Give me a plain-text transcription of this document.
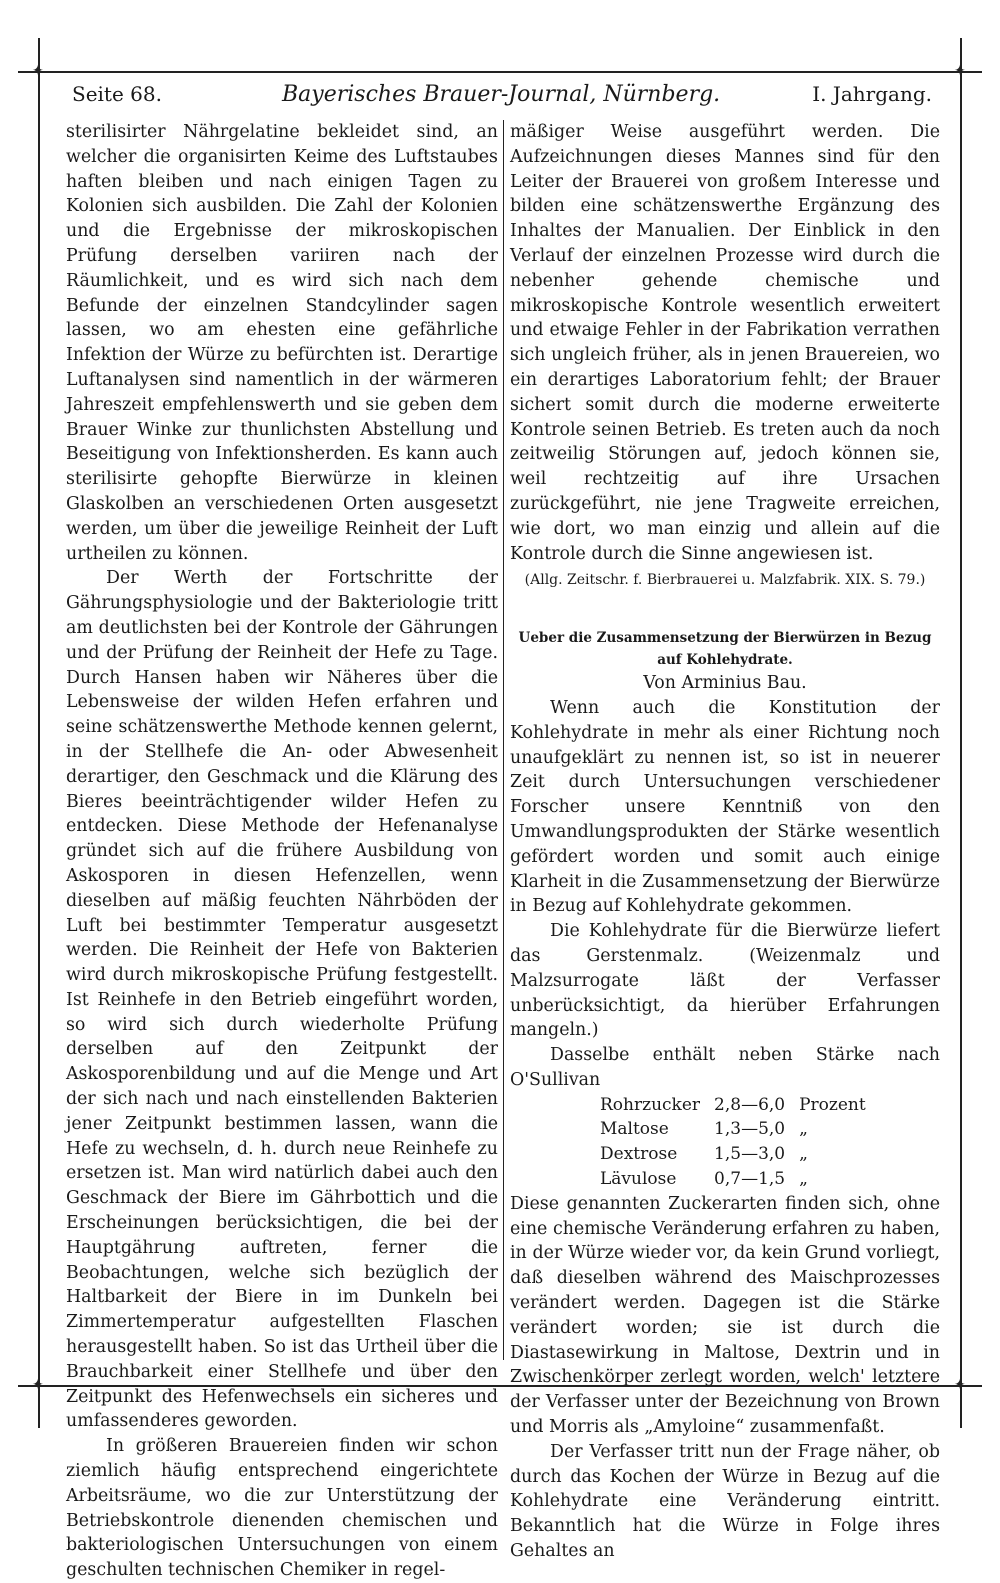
✦	✦
✦	✦
Seite 68.	Bayerisches Brauer-Journal, Nürnberg.	I. Jahrgang.

sterilisirter Nährgelatine bekleidet sind, an welcher die organisirten Keime des Luftstaubes haften bleiben und nach einigen Tagen zu Kolonien sich ausbilden. Die Zahl der Kolonien und die Ergebnisse der mikroskopischen Prüfung derselben variiren nach der Räumlichkeit, und es wird sich nach dem Befunde der einzelnen Standcylinder sagen lassen, wo am ehesten eine gefährliche Infektion der Würze zu befürchten ist. Derartige Luftanalysen sind namentlich in der wärmeren Jahreszeit empfehlenswerth und sie geben dem Brauer Winke zur thunlichsten Abstellung und Beseitigung von Infektionsherden. Es kann auch sterilisirte gehopfte Bierwürze in kleinen Glaskolben an verschiedenen Orten ausgesetzt werden, um über die jeweilige Reinheit der Luft urtheilen zu können.

Der Werth der Fortschritte der Gährungsphysiologie und der Bakteriologie tritt am deutlichsten bei der Kontrole der Gährungen und der Prüfung der Reinheit der Hefe zu Tage. Durch Hansen haben wir Näheres über die Lebensweise der wilden Hefen erfahren und seine schätzenswerthe Methode kennen gelernt, in der Stellhefe die An- oder Abwesenheit derartiger, den Geschmack und die Klärung des Bieres beeinträchtigender wilder Hefen zu entdecken. Diese Methode der Hefenanalyse gründet sich auf die frühere Ausbildung von Askosporen in diesen Hefenzellen, wenn dieselben auf mäßig feuchten Nährböden der Luft bei bestimmter Temperatur ausgesetzt werden. Die Reinheit der Hefe von Bakterien wird durch mikroskopische Prüfung festgestellt. Ist Reinhefe in den Betrieb eingeführt worden, so wird sich durch wiederholte Prüfung derselben auf den Zeitpunkt der Askosporenbildung und auf die Menge und Art der sich nach und nach einstellenden Bakterien jener Zeitpunkt bestimmen lassen, wann die Hefe zu wechseln, d. h. durch neue Reinhefe zu ersetzen ist. Man wird natürlich dabei auch den Geschmack der Biere im Gährbottich und die Erscheinungen berücksichtigen, die bei der Hauptgährung auftreten, ferner die Beobachtungen, welche sich bezüglich der Haltbarkeit der Biere in im Dunkeln bei Zimmertemperatur aufgestellten Flaschen herausgestellt haben. So ist das Urtheil über die Brauchbarkeit einer Stellhefe und über den Zeitpunkt des Hefenwechsels ein sicheres und umfassenderes geworden.

In größeren Brauereien finden wir schon ziemlich häufig entsprechend eingerichtete Arbeitsräume, wo die zur Unterstützung der Betriebskontrole dienenden chemischen und bakteriologischen Untersuchungen von einem geschulten technischen Chemiker in regel-

mäßiger Weise ausgeführt werden. Die Aufzeichnungen dieses Mannes sind für den Leiter der Brauerei von großem Interesse und bilden eine schätzenswerthe Ergänzung des Inhaltes der Manualien. Der Einblick in den Verlauf der einzelnen Prozesse wird durch die nebenher gehende chemische und mikroskopische Kontrole wesentlich erweitert und etwaige Fehler in der Fabrikation verrathen sich ungleich früher, als in jenen Brauereien, wo ein derartiges Laboratorium fehlt; der Brauer sichert somit durch die moderne erweiterte Kontrole seinen Betrieb. Es treten auch da noch zeitweilig Störungen auf, jedoch können sie, weil rechtzeitig auf ihre Ursachen zurückgeführt, nie jene Tragweite erreichen, wie dort, wo man einzig und allein auf die Kontrole durch die Sinne angewiesen ist.

(Allg. Zeitschr. f. Bierbrauerei u. Malzfabrik. XIX. S. 79.)

Ueber die Zusammensetzung der Bierwürzen in Bezug auf Kohlehydrate.

Von Arminius Bau.

Wenn auch die Konstitution der Kohlehydrate in mehr als einer Richtung noch unaufgeklärt zu nennen ist, so ist in neuerer Zeit durch Untersuchungen verschiedener Forscher unsere Kenntniß von den Umwandlungsprodukten der Stärke wesentlich gefördert worden und somit auch einige Klarheit in die Zusammensetzung der Bierwürze in Bezug auf Kohlehydrate gekommen.

Die Kohlehydrate für die Bierwürze liefert das Gerstenmalz. (Weizenmalz und Malzsurrogate läßt der Verfasser unberücksichtigt, da hierüber Erfahrungen mangeln.)

Dasselbe enthält neben Stärke nach O'Sullivan

Rohrzucker	2,8—6,0	Prozent
Maltose	1,3—5,0	„
Dextrose	1,5—3,0	„
Lävulose	0,7—1,5	„

Diese genannten Zuckerarten finden sich, ohne eine chemische Veränderung erfahren zu haben, in der Würze wieder vor, da kein Grund vorliegt, daß dieselben während des Maischprozesses verändert werden. Dagegen ist die Stärke verändert worden; sie ist durch die Diastasewirkung in Maltose, Dextrin und in Zwischenkörper zerlegt worden, welch' letztere der Verfasser unter der Bezeichnung von Brown und Morris als „Amyloine“ zusammenfaßt.

Der Verfasser tritt nun der Frage näher, ob durch das Kochen der Würze in Bezug auf die Kohlehydrate eine Veränderung eintritt. Bekanntlich hat die Würze in Folge ihres Gehaltes an
